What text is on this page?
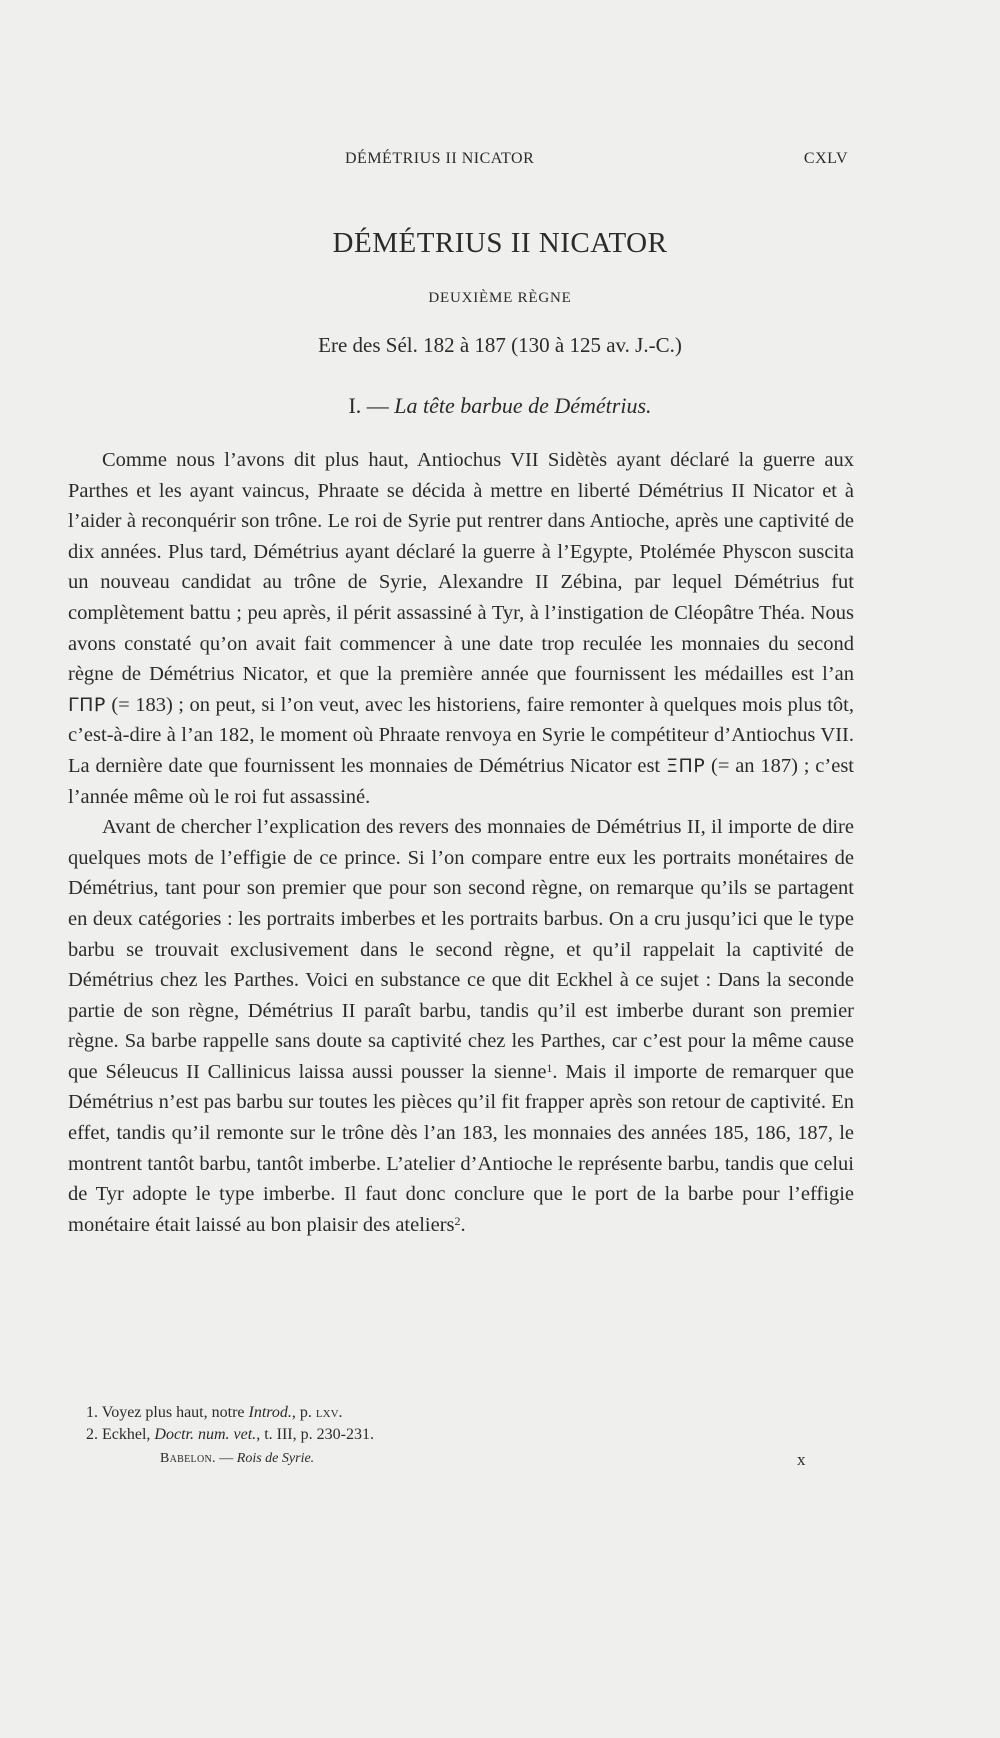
DÉMÉTRIUS II NICATOR	CXLV
DÉMÉTRIUS II NICATOR
DEUXIÈME RÈGNE
Ere des Sél. 182 à 187 (130 à 125 av. J.-C.)
I. — La tête barbue de Démétrius.

Comme nous l’avons dit plus haut, Antiochus VII Sidètès ayant déclaré la guerre aux Parthes et les ayant vaincus, Phraate se décida à mettre en liberté Démétrius II Nicator et à l’aider à reconquérir son trône. Le roi de Syrie put rentrer dans Antioche, après une captivité de dix années. Plus tard, Démétrius ayant déclaré la guerre à l’Egypte, Ptolémée Physcon suscita un nouveau candidat au trône de Syrie, Alexandre II Zébina, par lequel Démétrius fut complètement battu ; peu après, il périt assassiné à Tyr, à l’instigation de Cléopâtre Théa. Nous avons constaté qu’on avait fait commencer à une date trop reculée les monnaies du second règne de Démétrius Nicator, et que la première année que fournissent les médailles est l’an ΓΠΡ (= 183) ; on peut, si l’on veut, avec les historiens, faire remonter à quelques mois plus tôt, c’est-à-dire à l’an 182, le moment où Phraate renvoya en Syrie le compétiteur d’Antiochus VII. La dernière date que fournissent les monnaies de Démétrius Nicator est ΞΠΡ (= an 187) ; c’est l’année même où le roi fut assassiné.

Avant de chercher l’explication des revers des monnaies de Démétrius II, il importe de dire quelques mots de l’effigie de ce prince. Si l’on compare entre eux les portraits monétaires de Démétrius, tant pour son premier que pour son second règne, on remarque qu’ils se partagent en deux catégories : les portraits imberbes et les portraits barbus. On a cru jusqu’ici que le type barbu se trouvait exclusivement dans le second règne, et qu’il rappelait la captivité de Démétrius chez les Parthes. Voici en substance ce que dit Eckhel à ce sujet : Dans la seconde partie de son règne, Démétrius II paraît barbu, tandis qu’il est imberbe durant son premier règne. Sa barbe rappelle sans doute sa captivité chez les Parthes, car c’est pour la même cause que Séleucus II Callinicus laissa aussi pousser la sienne$^1$. Mais il importe de remarquer que Démétrius n’est pas barbu sur toutes les pièces qu’il fit frapper après son retour de captivité. En effet, tandis qu’il remonte sur le trône dès l’an 183, les monnaies des années 185, 186, 187, le montrent tantôt barbu, tantôt imberbe. L’atelier d’Antioche le représente barbu, tandis que celui de Tyr adopte le type imberbe. Il faut donc conclure que le port de la barbe pour l’effigie monétaire était laissé au bon plaisir des ateliers$^2$.

1. Voyez plus haut, notre Introd., p. lxv.
2. Eckhel, Doctr. num. vet., t. III, p. 230-231.
Babelon. — Rois de Syrie.	x
